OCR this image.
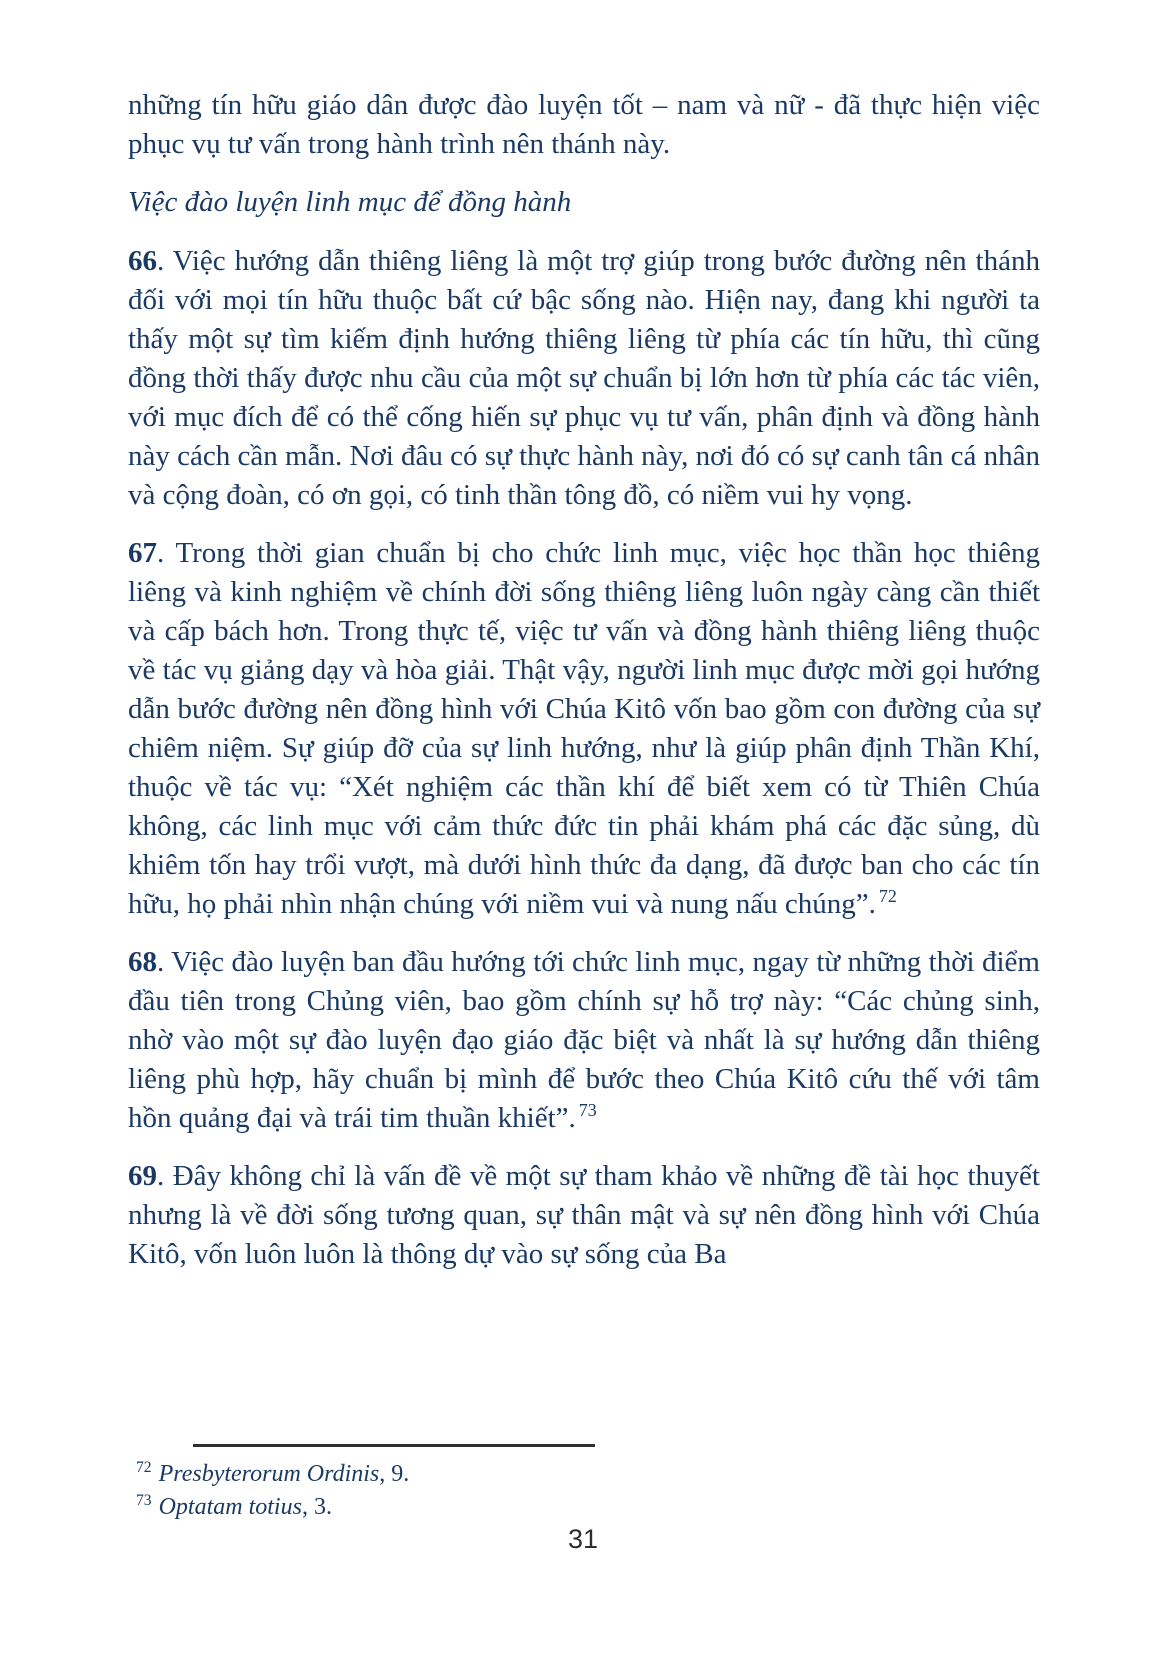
những tín hữu giáo dân được đào luyện tốt – nam và nữ - đã thực hiện việc phục vụ tư vấn trong hành trình nên thánh này.

Việc đào luyện linh mục để đồng hành

66. Việc hướng dẫn thiêng liêng là một trợ giúp trong bước đường nên thánh đối với mọi tín hữu thuộc bất cứ bậc sống nào. Hiện nay, đang khi người ta thấy một sự tìm kiếm định hướng thiêng liêng từ phía các tín hữu, thì cũng đồng thời thấy được nhu cầu của một sự chuẩn bị lớn hơn từ phía các tác viên, với mục đích để có thể cống hiến sự phục vụ tư vấn, phân định và đồng hành này cách cần mẫn. Nơi đâu có sự thực hành này, nơi đó có sự canh tân cá nhân và cộng đoàn, có ơn gọi, có tinh thần tông đồ, có niềm vui hy vọng.

67. Trong thời gian chuẩn bị cho chức linh mục, việc học thần học thiêng liêng và kinh nghiệm về chính đời sống thiêng liêng luôn ngày càng cần thiết và cấp bách hơn. Trong thực tế, việc tư vấn và đồng hành thiêng liêng thuộc về tác vụ giảng dạy và hòa giải. Thật vậy, người linh mục được mời gọi hướng dẫn bước đường nên đồng hình với Chúa Kitô vốn bao gồm con đường của sự chiêm niệm. Sự giúp đỡ của sự linh hướng, như là giúp phân định Thần Khí, thuộc về tác vụ: “Xét nghiệm các thần khí để biết xem có từ Thiên Chúa không, các linh mục với cảm thức đức tin phải khám phá các đặc sủng, dù khiêm tốn hay trổi vượt, mà dưới hình thức đa dạng, đã được ban cho các tín hữu, họ phải nhìn nhận chúng với niềm vui và nung nấu chúng”. $^{72}$

68. Việc đào luyện ban đầu hướng tới chức linh mục, ngay từ những thời điểm đầu tiên trong Chủng viên, bao gồm chính sự hỗ trợ này: “Các chủng sinh, nhờ vào một sự đào luyện đạo giáo đặc biệt và nhất là sự hướng dẫn thiêng liêng phù hợp, hãy chuẩn bị mình để bước theo Chúa Kitô cứu thế với tâm hồn quảng đại và trái tim thuần khiết”. $^{73}$

69. Đây không chỉ là vấn đề về một sự tham khảo về những đề tài học thuyết nhưng là về đời sống tương quan, sự thân mật và sự nên đồng hình với Chúa Kitô, vốn luôn luôn là thông dự vào sự sống của Ba

$^{72}$ Presbyterorum Ordinis, 9.
$^{73}$ Optatam totius, 3.
31
